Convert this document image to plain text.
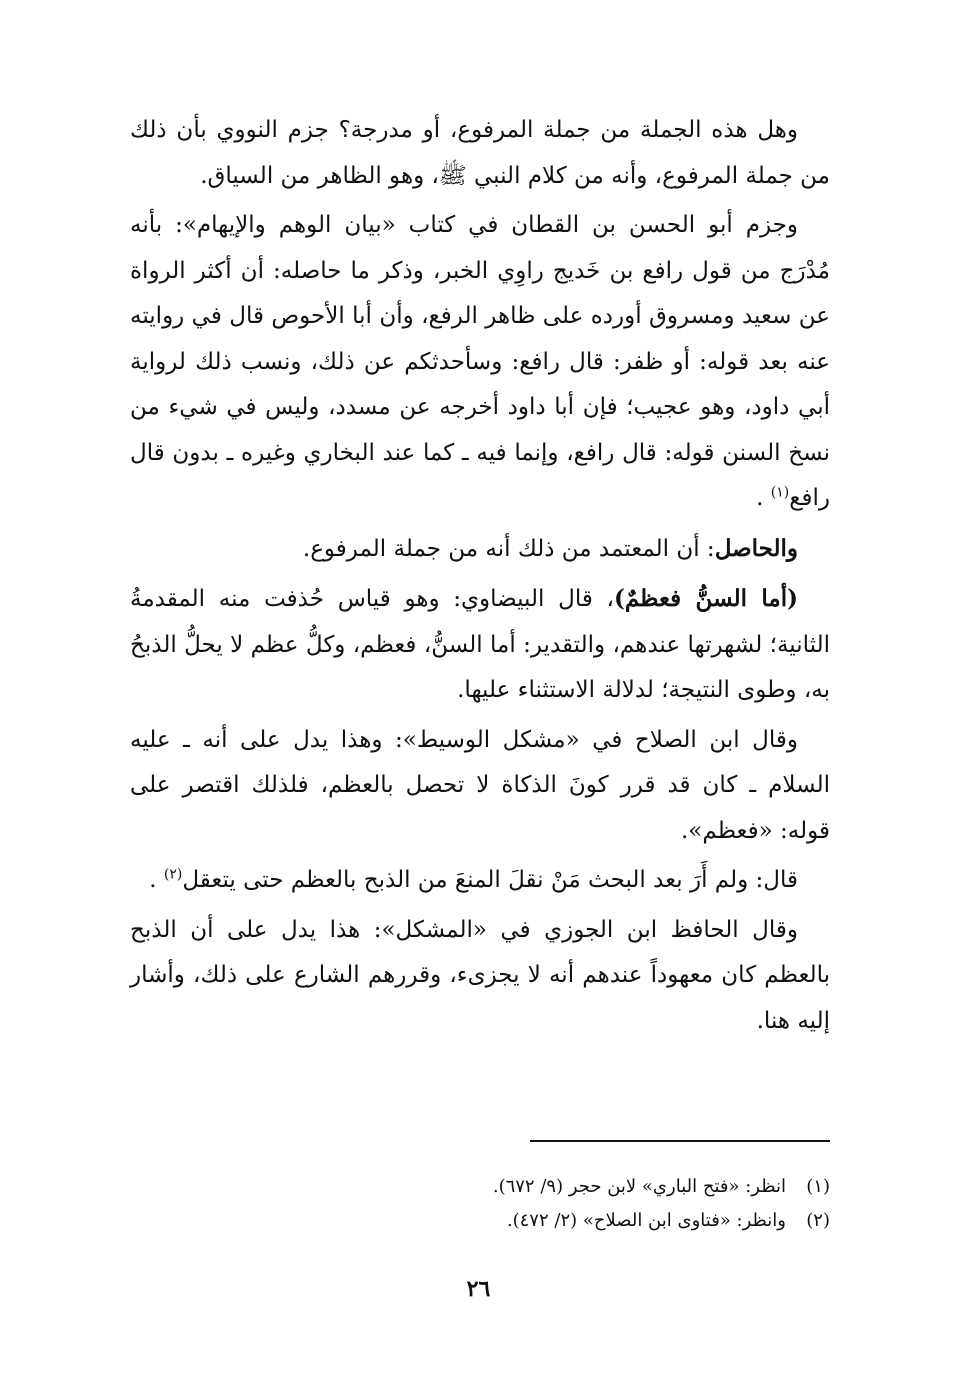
وهل هذه الجملة من جملة المرفوع، أو مدرجة؟ جزم النووي بأن ذلك من جملة المرفوع، وأنه من كلام النبي ﷺ، وهو الظاهر من السياق.

وجزم أبو الحسن بن القطان في كتاب «بيان الوهم والإيهام»: بأنه مُدْرَج من قول رافع بن خَديج راوِي الخبر، وذكر ما حاصله: أن أكثر الرواة عن سعيد ومسروق أورده على ظاهر الرفع، وأن أبا الأحوص قال في روايته عنه بعد قوله: أو ظفر: قال رافع: وسأحدثكم عن ذلك، ونسب ذلك لرواية أبي داود، وهو عجيب؛ فإن أبا داود أخرجه عن مسدد، وليس في شيء من نسخ السنن قوله: قال رافع، وإنما فيه ـ كما عند البخاري وغيره ـ بدون قال رافع$^{(١)}$ .

والحاصل: أن المعتمد من ذلك أنه من جملة المرفوع.

(أما السنُّ فعظمٌ)، قال البيضاوي: وهو قياس حُذفت منه المقدمةُ الثانية؛ لشهرتها عندهم، والتقدير: أما السنُّ، فعظم، وكلُّ عظم لا يحلُّ الذبحُ به، وطوى النتيجة؛ لدلالة الاستثناء عليها.

وقال ابن الصلاح في «مشكل الوسيط»: وهذا يدل على أنه ـ عليه السلام ـ كان قد قرر كونَ الذكاة لا تحصل بالعظم، فلذلك اقتصر على قوله: «فعظم».

قال: ولم أَرَ بعد البحث مَنْ نقلَ المنعَ من الذبح بالعظم حتى يتعقل$^{(٢)}$ .

وقال الحافظ ابن الجوزي في «المشكل»: هذا يدل على أن الذبح بالعظم كان معهوداً عندهم أنه لا يجزىء، وقررهم الشارع على ذلك، وأشار إليه هنا.

(١)انظر: «فتح الباري» لابن حجر (٩/ ٦٧٢).
(٢)وانظر: «فتاوى ابن الصلاح» (٢/ ٤٧٢).
٢٦
